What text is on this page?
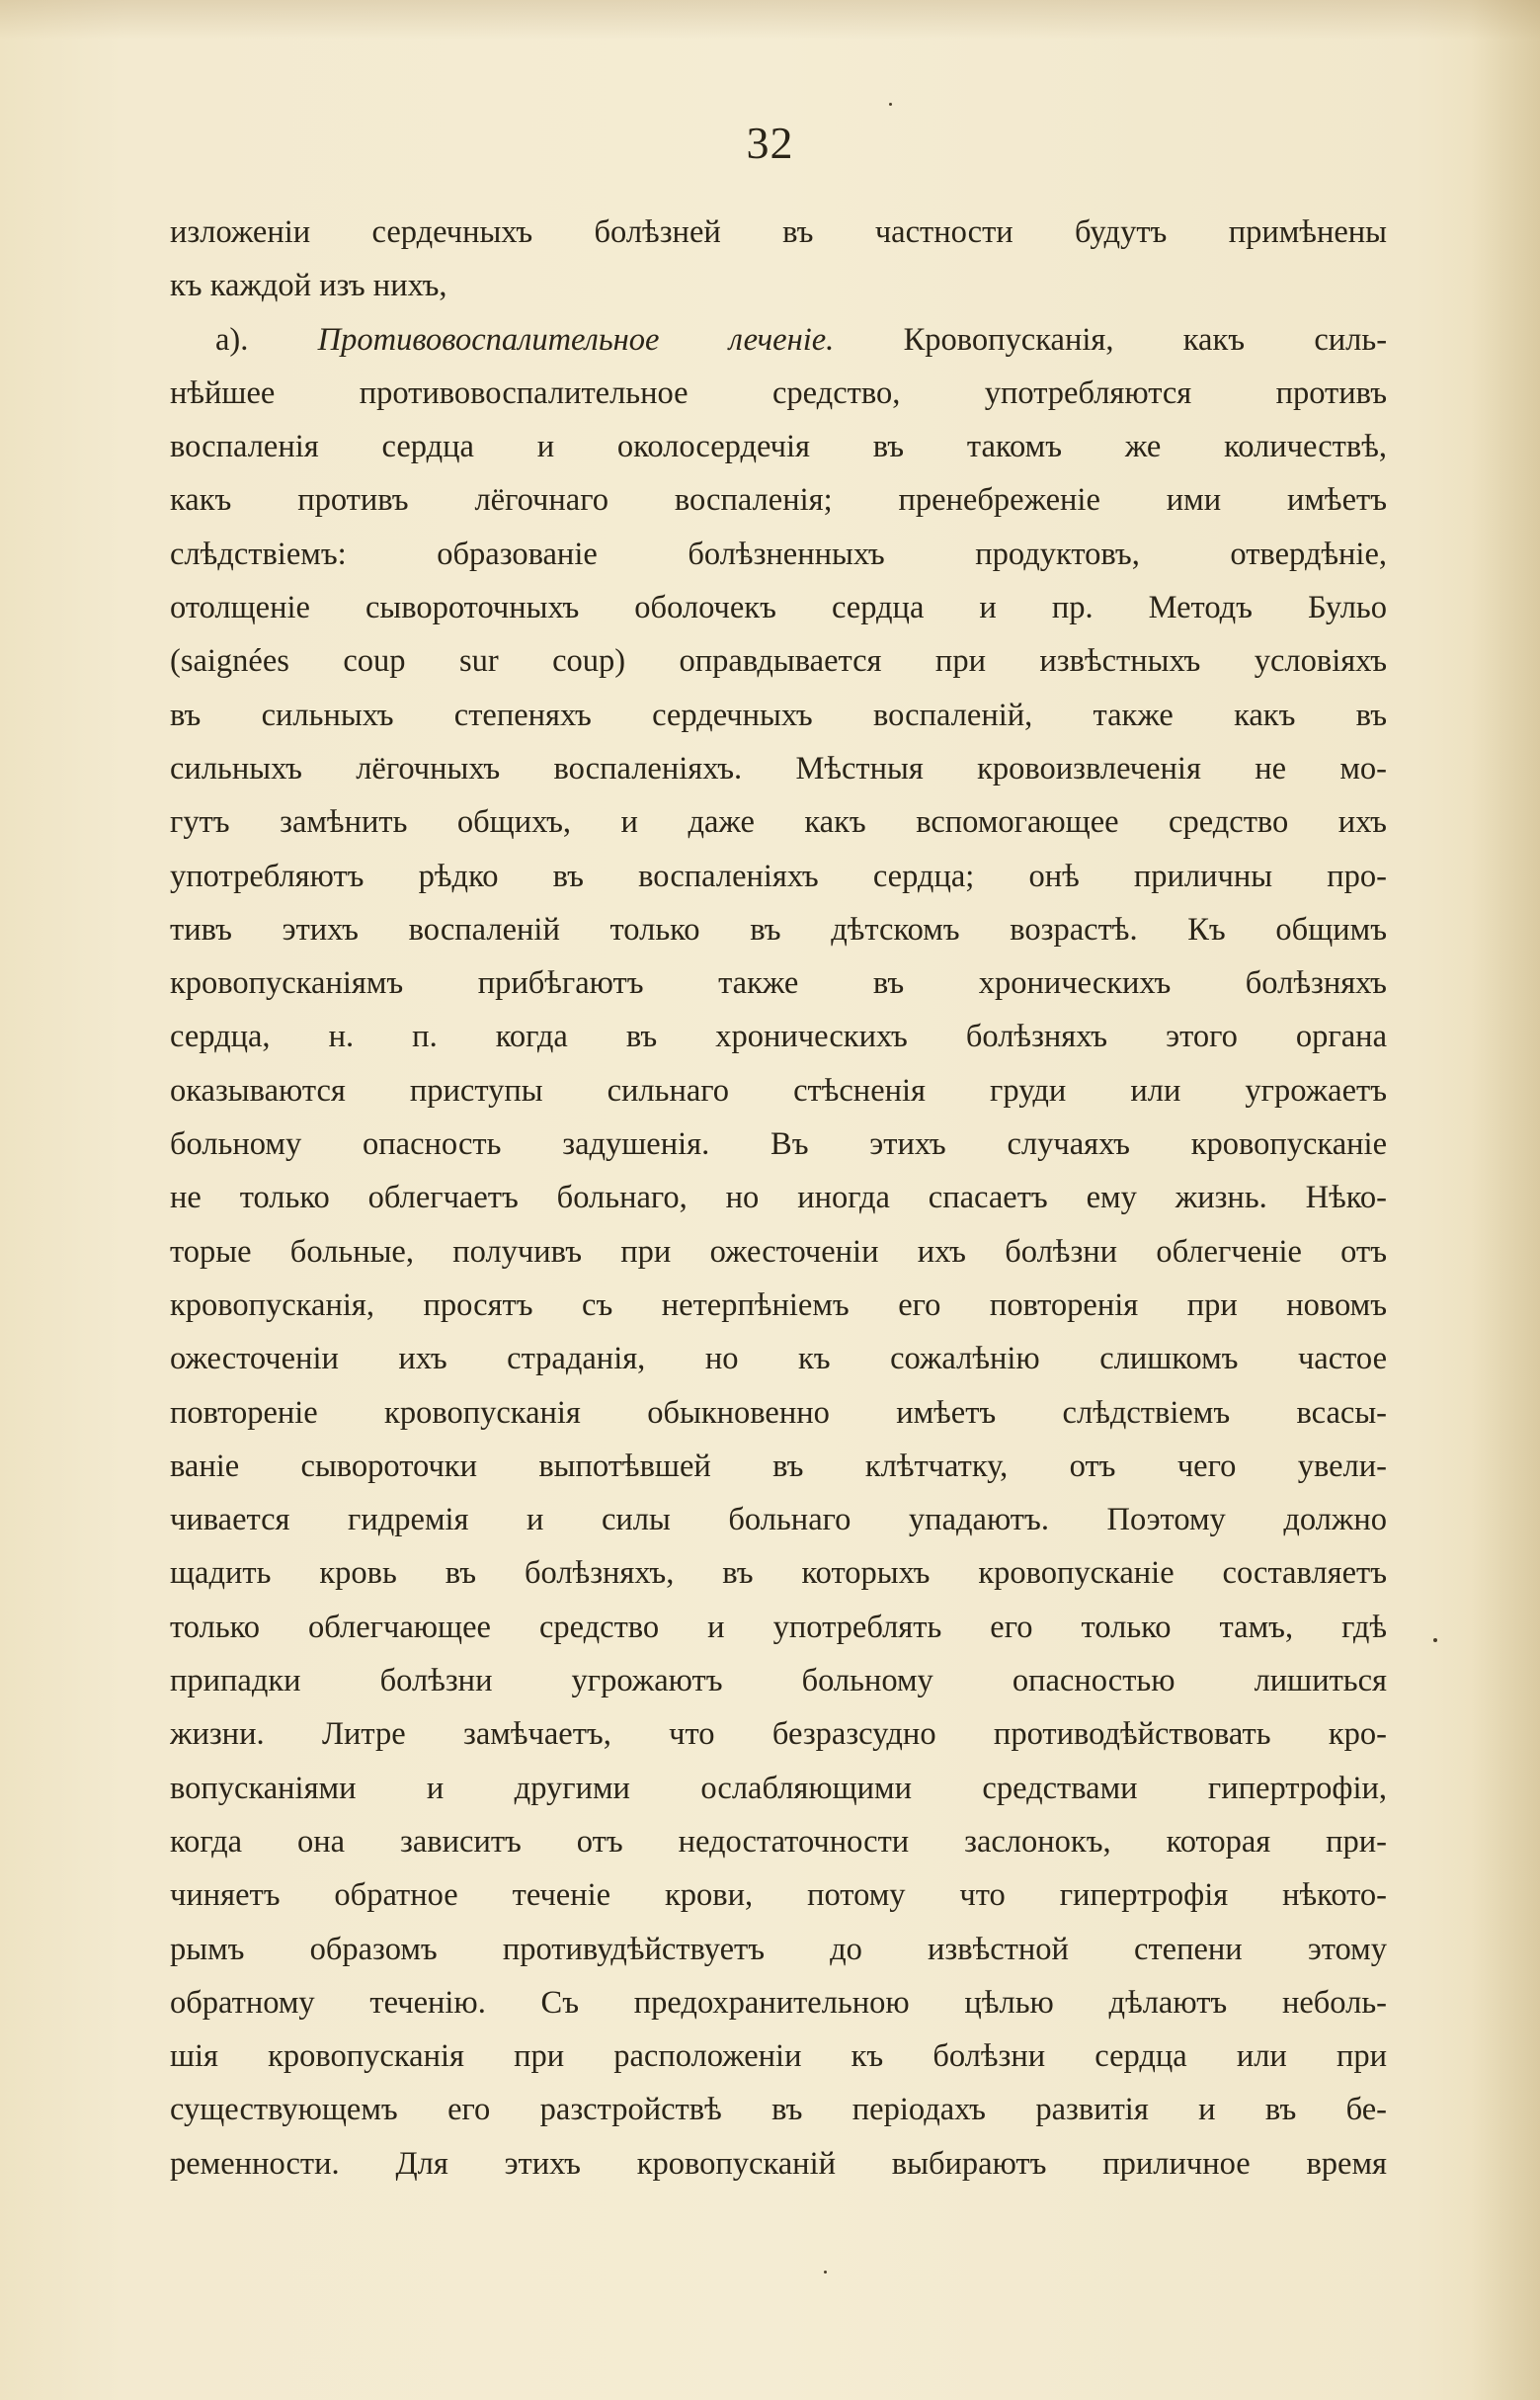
32
изложеніи сердечныхъ болѣзней въ частности будутъ примѣнены
къ каждой изъ нихъ,
а). Противовоспалительное леченіе. Кровопусканія, какъ силь-
нѣйшее противовоспалительное средство, употребляются противъ
воспаленія сердца и околосердечія въ такомъ же количествѣ,
какъ противъ лёгочнаго воспаленія; пренебреженіе ими имѣетъ
слѣдствіемъ: образованіе болѣзненныхъ продуктовъ, отвердѣніе,
отолщеніе сывороточныхъ оболочекъ сердца и пр. Методъ Бульо
(saignées coup sur coup) оправдывается при извѣстныхъ условіяхъ
въ сильныхъ степеняхъ сердечныхъ воспаленій, также какъ въ
сильныхъ лёгочныхъ воспаленіяхъ. Мѣстныя кровоизвлеченія не мо-
гутъ замѣнить общихъ, и даже какъ вспомогающее средство ихъ
употребляютъ рѣдко въ воспаленіяхъ сердца; онѣ приличны про-
тивъ этихъ воспаленій только въ дѣтскомъ возрастѣ. Къ общимъ
кровопусканіямъ прибѣгаютъ также въ хроническихъ болѣзняхъ
сердца, н. п. когда въ хроническихъ болѣзняхъ этого органа
оказываются приступы сильнаго стѣсненія груди или угрожаетъ
больному опасность задушенія. Въ этихъ случаяхъ кровопусканіе
не только облегчаетъ больнаго, но иногда спасаетъ ему жизнь. Нѣко-
торые больные, получивъ при ожесточеніи ихъ болѣзни облегченіе отъ
кровопусканія, просятъ съ нетерпѣніемъ его повторенія при новомъ
ожесточеніи ихъ страданія, но къ сожалѣнію слишкомъ частое
повтореніе кровопусканія обыкновенно имѣетъ слѣдствіемъ всасы-
ваніе сывороточки выпотѣвшей въ клѣтчатку, отъ чего увели-
чивается гидремія и силы больнаго упадаютъ. Поэтому должно
щадить кровь въ болѣзняхъ, въ которыхъ кровопусканіе составляетъ
только облегчающее средство и употреблять его только тамъ, гдѣ
припадки болѣзни угрожаютъ больному опасностью лишиться
жизни. Литре замѣчаетъ, что безразсудно противодѣйствовать кро-
вопусканіями и другими ослабляющими средствами гипертрофіи,
когда она зависитъ отъ недостаточности заслонокъ, которая при-
чиняетъ обратное теченіе крови, потому что гипертрофія нѣкото-
рымъ образомъ противудѣйствуетъ до извѣстной степени этому
обратному теченію. Съ предохранительною цѣлью дѣлаютъ неболь-
шія кровопусканія при расположеніи къ болѣзни сердца или при
существующемъ его разстройствѣ въ періодахъ развитія и въ бе-
ременности. Для этихъ кровопусканій выбираютъ приличное время
